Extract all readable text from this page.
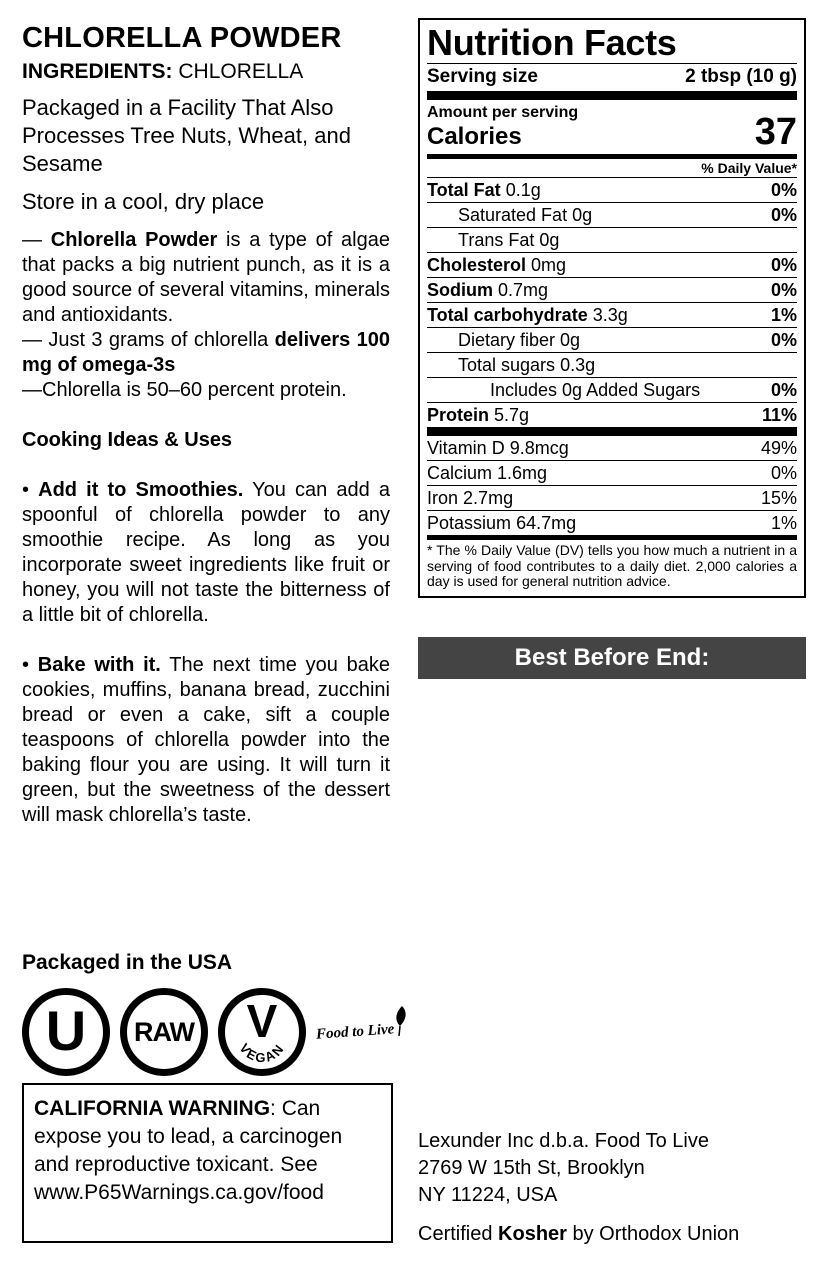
CHLORELLA POWDER
INGREDIENTS: CHLORELLA

Packaged in a Facility That Also Processes Tree Nuts, Wheat, and Sesame

Store in a cool, dry place

— Chlorella Powder is a type of algae that packs a big nutrient punch, as it is a good source of several vitamins, minerals and antioxidants.

— Just 3 grams of chlorella delivers 100 mg of omega-3s

—Chlorella is 50–60 percent protein.

Cooking Ideas & Uses

• Add it to Smoothies. You can add a spoonful of chlorella powder to any smoothie recipe. As long as you incorporate sweet ingredients like fruit or honey, you will not taste the bitterness of a little bit of chlorella.

• Bake with it. The next time you bake cookies, muffins, banana bread, zucchini bread or even a cake, sift a couple teaspoons of chlorella powder into the baking flour you are using. It will turn it green, but the sweetness of the dessert will mask chlorella’s taste.

Packaged in the USA
U	RAW V
VEGAN
Food to Live

CALIFORNIA WARNING: Can expose you to lead, a carcinogen and reproductive toxicant. See www.P65Warnings.ca.gov/food

Nutrition Facts
Serving size	2 tbsp (10 g)
Amount per serving
Calories	37
% Daily Value*
Total Fat 0.1g	0%
Saturated Fat 0g	0%
Trans Fat 0g
Cholesterol 0mg	0%
Sodium 0.7mg	0%
Total carbohydrate 3.3g	1%
Dietary fiber 0g	0%
Total sugars 0.3g
Includes 0g Added Sugars	0%
Protein 5.7g	11%
Vitamin D 9.8mcg	49%
Calcium 1.6mg	0%
Iron 2.7mg	15%
Potassium 64.7mg	1%

* The % Daily Value (DV) tells you how much a nutrient in a serving of food contributes to a daily diet. 2,000 calories a day is used for general nutrition advice.

Best Before End:
Lexunder Inc d.b.a. Food To Live
2769 W 15th St, Brooklyn
NY 11224, USA
Certified Kosher by Orthodox Union
